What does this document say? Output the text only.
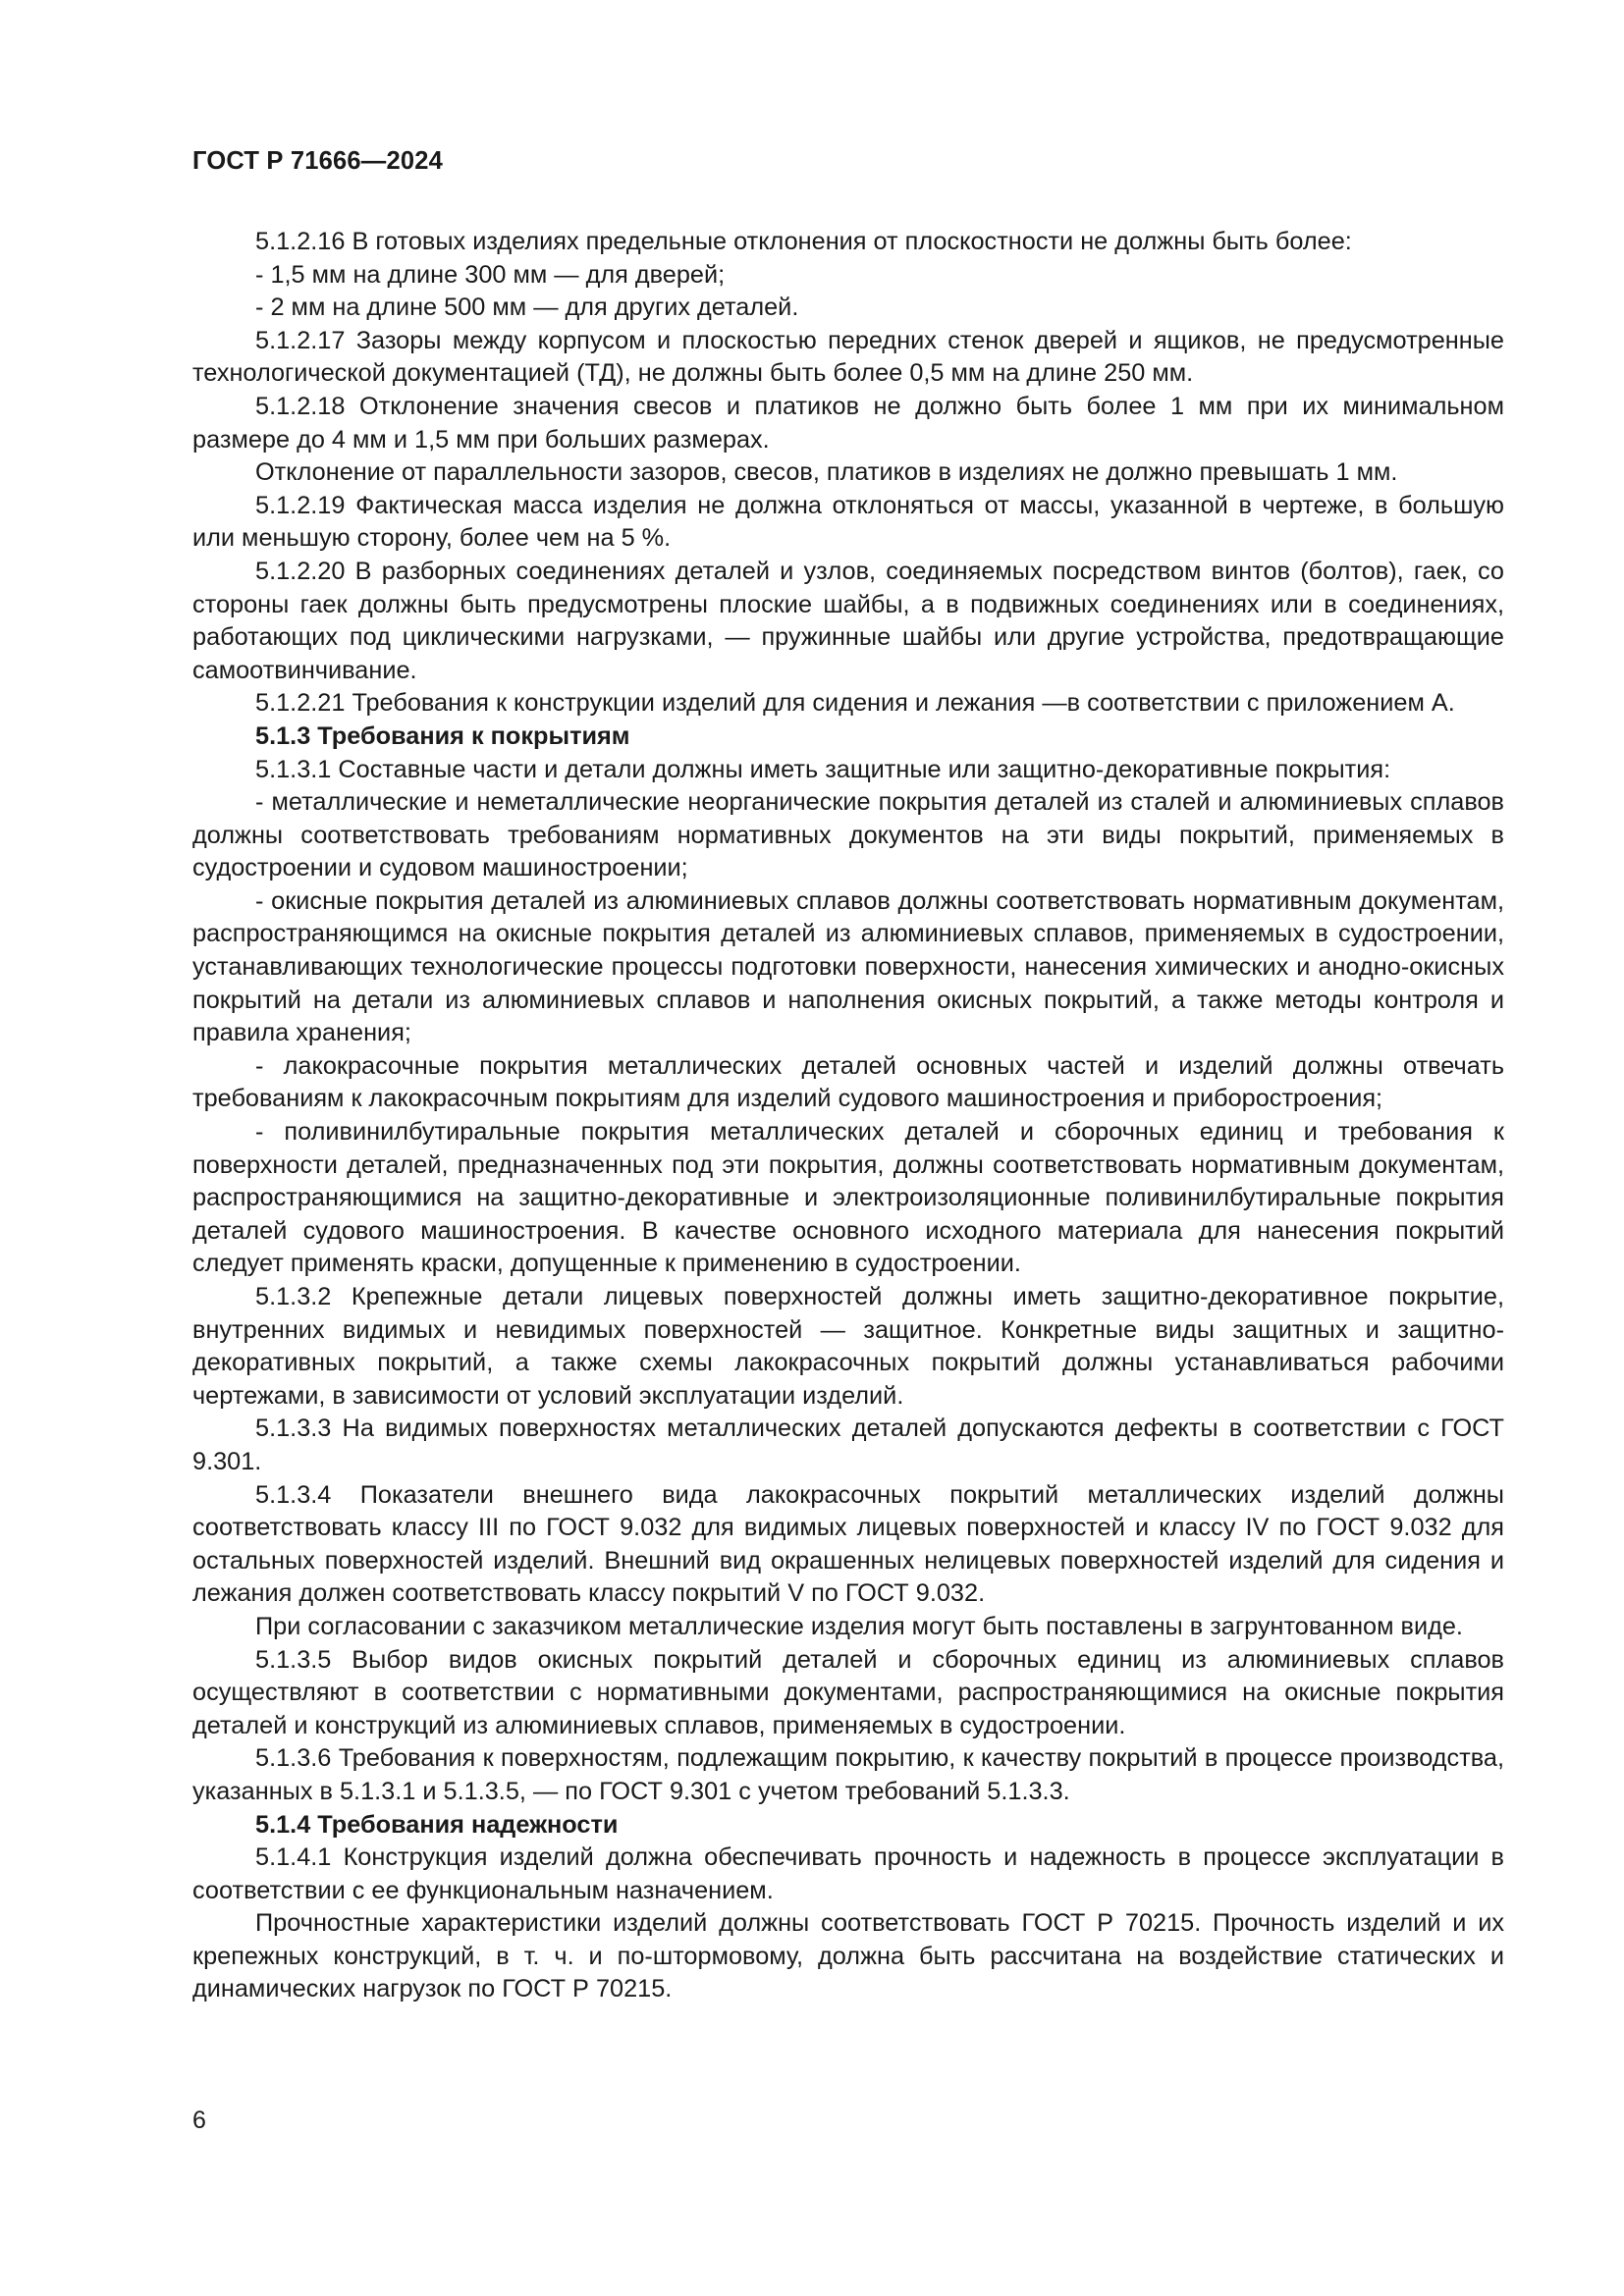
ГОСТ Р 71666—2024

5.1.2.16 В готовых изделиях предельные отклонения от плоскостности не должны быть более:

- 1,5 мм на длине 300 мм — для дверей;

- 2 мм на длине 500 мм — для других деталей.

5.1.2.17 Зазоры между корпусом и плоскостью передних стенок дверей и ящиков, не предусмотренные технологической документацией (ТД), не должны быть более 0,5 мм на длине 250 мм.

5.1.2.18 Отклонение значения свесов и платиков не должно быть более 1 мм при их минимальном размере до 4 мм и 1,5 мм при больших размерах.

Отклонение от параллельности зазоров, свесов, платиков в изделиях не должно превышать 1 мм.

5.1.2.19 Фактическая масса изделия не должна отклоняться от массы, указанной в чертеже, в большую или меньшую сторону, более чем на 5 %.

5.1.2.20 В разборных соединениях деталей и узлов, соединяемых посредством винтов (болтов), гаек, со стороны гаек должны быть предусмотрены плоские шайбы, а в подвижных соединениях или в соединениях, работающих под циклическими нагрузками, — пружинные шайбы или другие устройства, предотвращающие самоотвинчивание.

5.1.2.21 Требования к конструкции изделий для сидения и лежания —в соответствии с приложением А.

5.1.3 Требования к покрытиям

5.1.3.1 Составные части и детали должны иметь защитные или защитно-декоративные покрытия:

- металлические и неметаллические неорганические покрытия деталей из сталей и алюминиевых сплавов должны соответствовать требованиям нормативных документов на эти виды покрытий, применяемых в судостроении и судовом машиностроении;

- окисные покрытия деталей из алюминиевых сплавов должны соответствовать нормативным документам, распространяющимся на окисные покрытия деталей из алюминиевых сплавов, применяемых в судостроении, устанавливающих технологические процессы подготовки поверхности, нанесения химических и анодно-окисных покрытий на детали из алюминиевых сплавов и наполнения окисных покрытий, а также методы контроля и правила хранения;

- лакокрасочные покрытия металлических деталей основных частей и изделий должны отвечать требованиям к лакокрасочным покрытиям для изделий судового машиностроения и приборостроения;

- поливинилбутиральные покрытия металлических деталей и сборочных единиц и требования к поверхности деталей, предназначенных под эти покрытия, должны соответствовать нормативным документам, распространяющимися на защитно-декоративные и электроизоляционные поливинилбутиральные покрытия деталей судового машиностроения. В качестве основного исходного материала для нанесения покрытий следует применять краски, допущенные к применению в судостроении.

5.1.3.2 Крепежные детали лицевых поверхностей должны иметь защитно-декоративное покрытие, внутренних видимых и невидимых поверхностей — защитное. Конкретные виды защитных и защитно-декоративных покрытий, а также схемы лакокрасочных покрытий должны устанавливаться рабочими чертежами, в зависимости от условий эксплуатации изделий.

5.1.3.3 На видимых поверхностях металлических деталей допускаются дефекты в соответствии с ГОСТ 9.301.

5.1.3.4 Показатели внешнего вида лакокрасочных покрытий металлических изделий должны соответствовать классу III по ГОСТ 9.032 для видимых лицевых поверхностей и классу IV по ГОСТ 9.032 для остальных поверхностей изделий. Внешний вид окрашенных нелицевых поверхностей изделий для сидения и лежания должен соответствовать классу покрытий V по ГОСТ 9.032.

При согласовании с заказчиком металлические изделия могут быть поставлены в загрунтованном виде.

5.1.3.5 Выбор видов окисных покрытий деталей и сборочных единиц из алюминиевых сплавов осуществляют в соответствии с нормативными документами, распространяющимися на окисные покрытия деталей и конструкций из алюминиевых сплавов, применяемых в судостроении.

5.1.3.6 Требования к поверхностям, подлежащим покрытию, к качеству покрытий в процессе производства, указанных в 5.1.3.1 и 5.1.3.5, — по ГОСТ 9.301 с учетом требований 5.1.3.3.

5.1.4 Требования надежности

5.1.4.1 Конструкция изделий должна обеспечивать прочность и надежность в процессе эксплуатации в соответствии с ее функциональным назначением.

Прочностные характеристики изделий должны соответствовать ГОСТ Р 70215. Прочность изделий и их крепежных конструкций, в т. ч. и по-штормовому, должна быть рассчитана на воздействие статических и динамических нагрузок по ГОСТ Р 70215.

6
